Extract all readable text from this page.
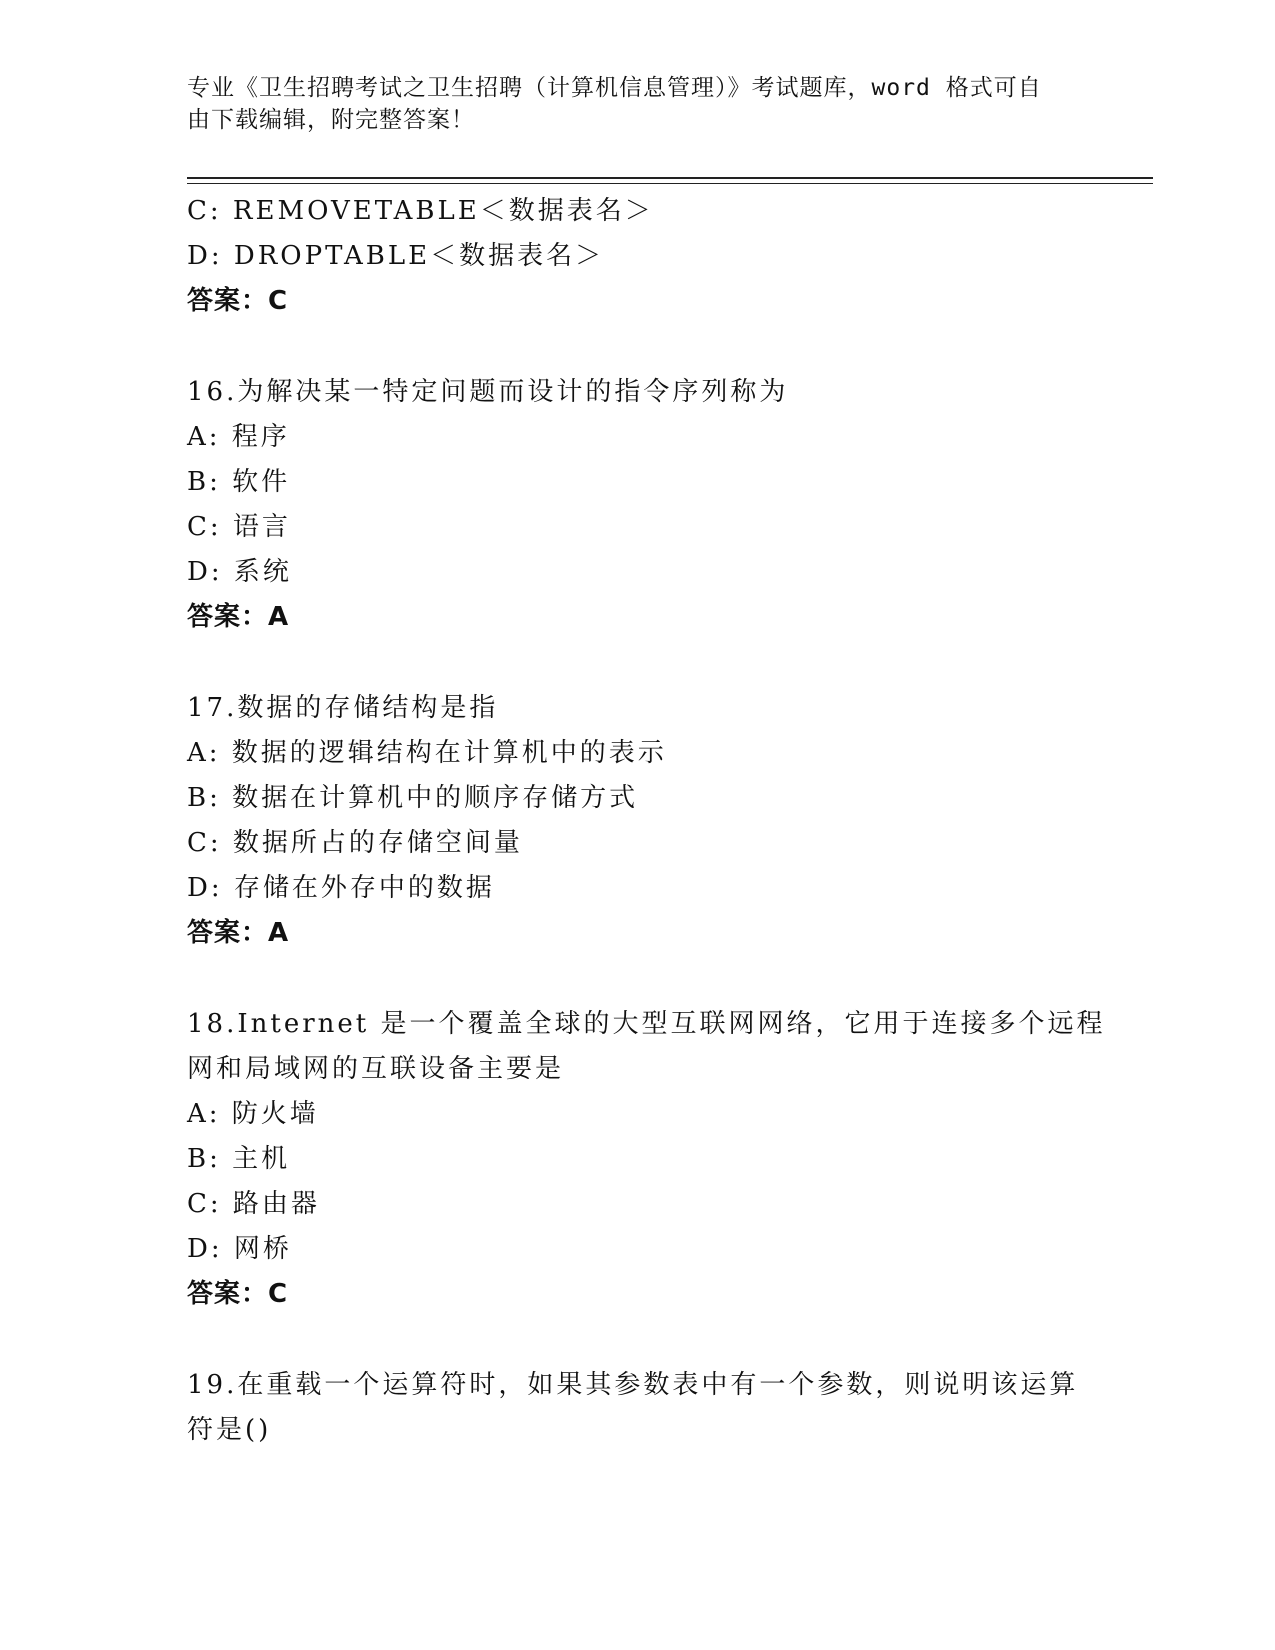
专业《卫生招聘考试之卫生招聘（计算机信息管理）》考试题库，word 格式可自
由下载编辑，附完整答案！
C: REMOVETABLE＜数据表名＞
D: DROPTABLE＜数据表名＞
答案：C
16.为解决某一特定问题而设计的指令序列称为
A: 程序
B: 软件
C: 语言
D: 系统
答案：A
17.数据的存储结构是指
A: 数据的逻辑结构在计算机中的表示
B: 数据在计算机中的顺序存储方式
C: 数据所占的存储空间量
D: 存储在外存中的数据
答案：A
18.Internet 是一个覆盖全球的大型互联网网络，它用于连接多个远程
网和局域网的互联设备主要是
A: 防火墙
B: 主机
C: 路由器
D: 网桥
答案：C
19.在重载一个运算符时，如果其参数表中有一个参数，则说明该运算
符是()
